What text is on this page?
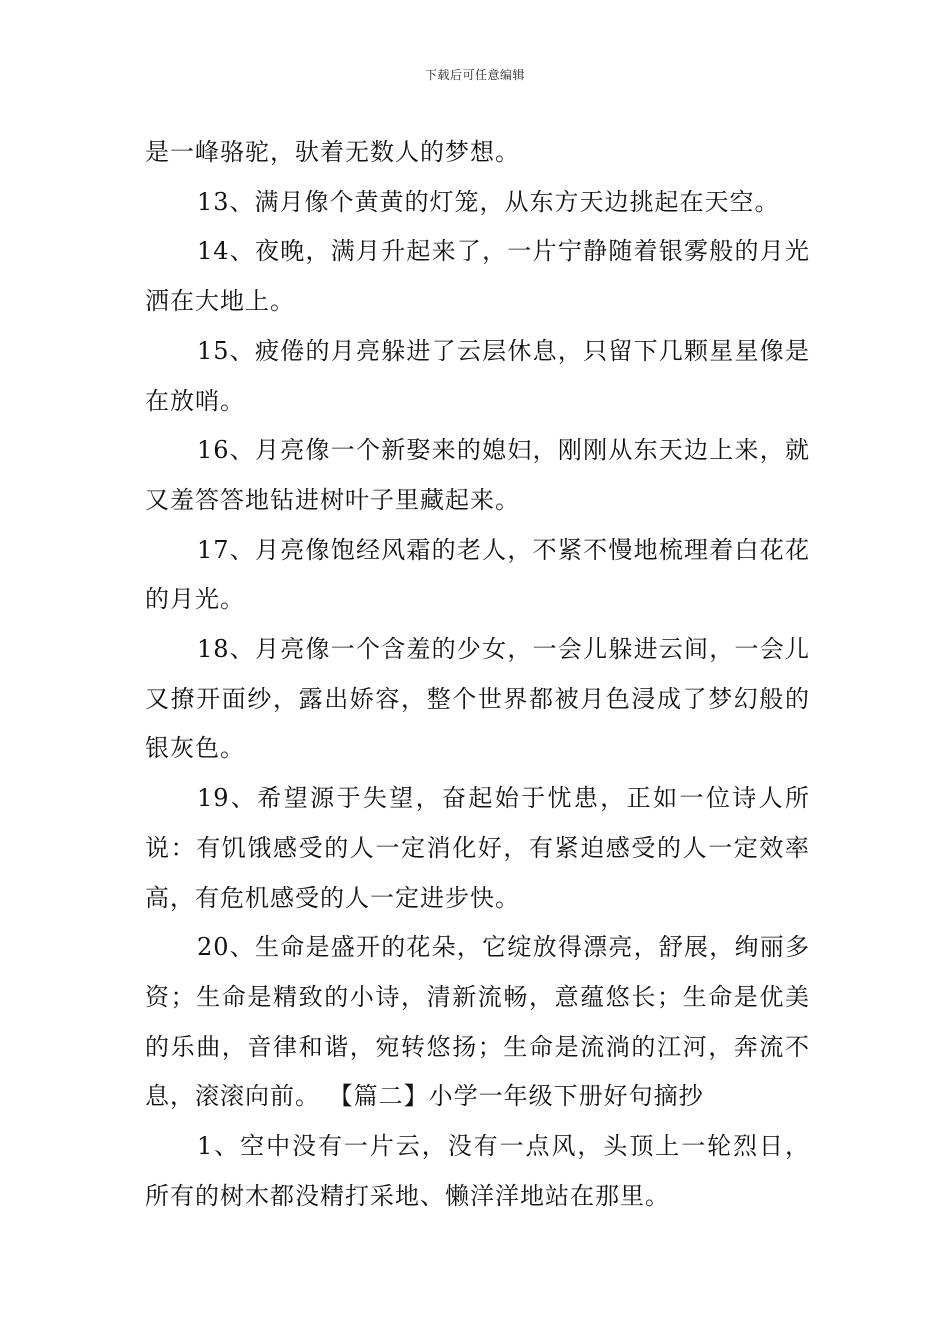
下载后可任意编辑

是一峰骆驼，驮着无数人的梦想。

13、满月像个黄黄的灯笼，从东方天边挑起在天空。

14、夜晚，满月升起来了，一片宁静随着银雾般的月光洒在大地上。

15、疲倦的月亮躲进了云层休息，只留下几颗星星像是在放哨。

16、月亮像一个新娶来的媳妇，刚刚从东天边上来，就又羞答答地钻进树叶子里藏起来。

17、月亮像饱经风霜的老人，不紧不慢地梳理着白花花的月光。

18、月亮像一个含羞的少女，一会儿躲进云间，一会儿又撩开面纱，露出娇容，整个世界都被月色浸成了梦幻般的银灰色。

19、希望源于失望，奋起始于忧患，正如一位诗人所说：有饥饿感受的人一定消化好，有紧迫感受的人一定效率高，有危机感受的人一定进步快。

20、生命是盛开的花朵，它绽放得漂亮，舒展，绚丽多资；生命是精致的小诗，清新流畅，意蕴悠长；生命是优美的乐曲，音律和谐，宛转悠扬；生命是流淌的江河，奔流不息，滚滚向前。 【篇二】小学一年级下册好句摘抄

1、空中没有一片云，没有一点风，头顶上一轮烈日，所有的树木都没精打采地、懒洋洋地站在那里。
